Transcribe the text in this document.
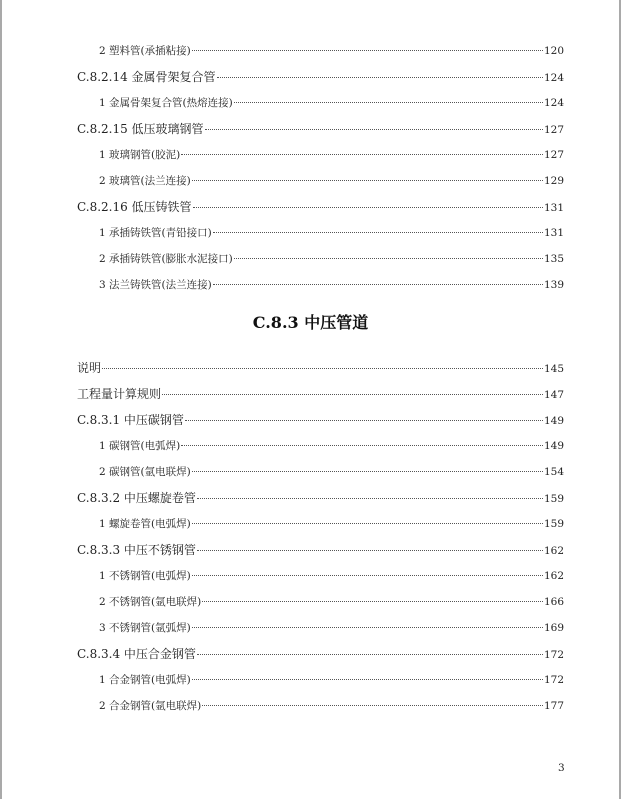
2 塑料管(承插粘接)	120
C.8.2.14 金属骨架复合管	124
1 金属骨架复合管(热熔连接)	124
C.8.2.15 低压玻璃钢管	127
1 玻璃钢管(胶泥)	127
2 玻璃管(法兰连接)	129
C.8.2.16 低压铸铁管	131
1 承插铸铁管(青铅接口)	131
2 承插铸铁管(膨胀水泥接口)	135
3 法兰铸铁管(法兰连接)	139
C.8.3 中压管道
说明	145
工程量计算规则	147
C.8.3.1 中压碳钢管	149
1 碳钢管(电弧焊)	149
2 碳钢管(氩电联焊)	154
C.8.3.2 中压螺旋卷管	159
1 螺旋卷管(电弧焊)	159
C.8.3.3 中压不锈钢管	162
1 不锈钢管(电弧焊)	162
2 不锈钢管(氩电联焊)	166
3 不锈钢管(氩弧焊)	169
C.8.3.4 中压合金钢管	172
1 合金钢管(电弧焊)	172
2 合金钢管(氩电联焊)	177
3
